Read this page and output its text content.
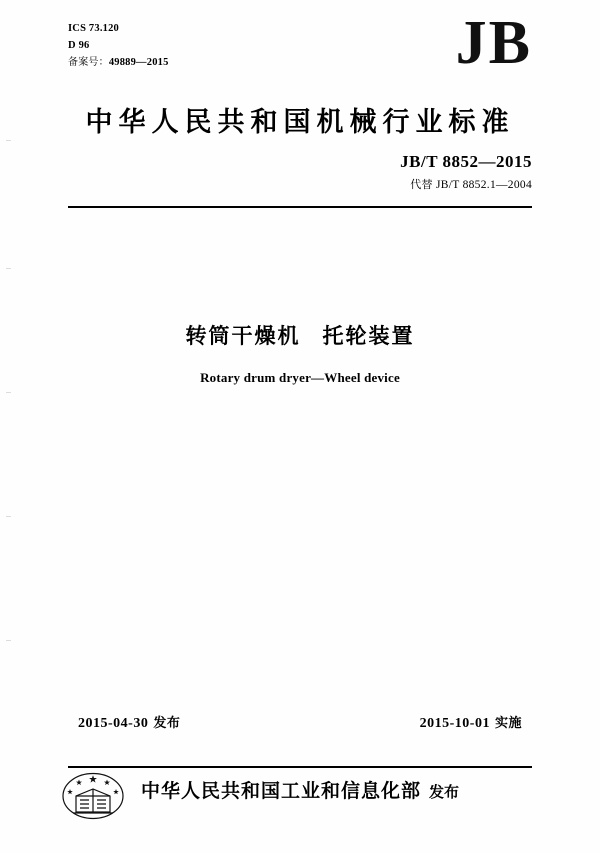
ICS 73.120
D 96
备案号：49889—2015	JB
中华人民共和国机械行业标准
JB/T 8852—2015
代替 JB/T 8852.1—2004
转筒干燥机 托轮装置
Rotary drum dryer—Wheel device
2015-04-30 发布	2015-10-01 实施
中华人民共和国工业和信息化部 发布
